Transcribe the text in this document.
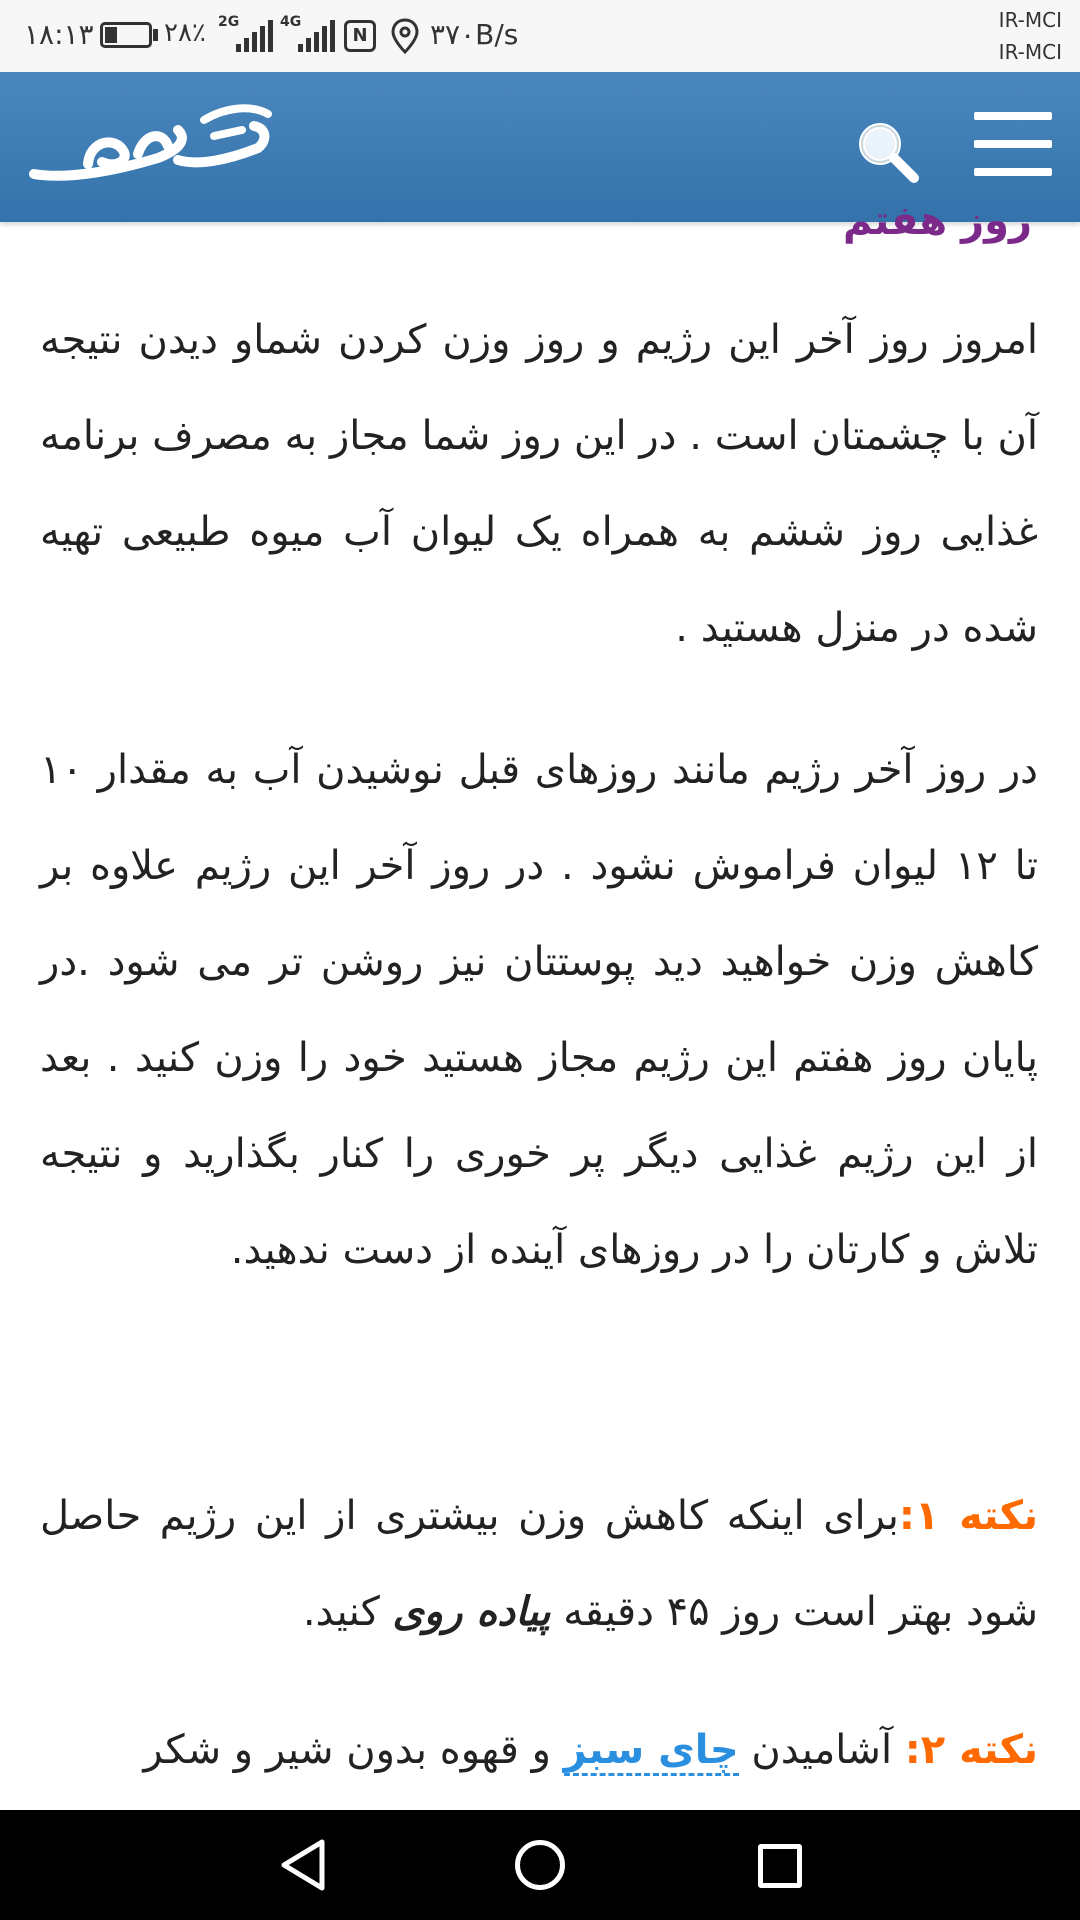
۱۸:۱۳	۲۸٪ 2G	4G
N	۳۷۰B/s	IR-MCI
IR-MCI
روز هفتم

امروز روز آخر این رژیم و روز وزن کردن شماو دیدن نتیجه آن با چشمتان است . در این روز شما مجاز به مصرف برنامه غذایی روز ششم به همراه یک لیوان آب میوه طبیعی تهیه شده در منزل هستید .

در روز آخر رژیم مانند روزهای قبل نوشیدن آب به مقدار ۱۰ تا ۱۲ لیوان فراموش نشود . در روز آخر این رژیم علاوه بر کاهش وزن خواهید دید پوستتان نیز روشن تر می شود .در پایان روز هفتم این رژیم مجاز هستید خود را وزن کنید . بعد از این رژیم غذایی دیگر پر خوری را کنار بگذارید و نتیجه تلاش و کارتان را در روزهای آینده از دست ندهید.

نکته ۱:برای اینکه کاهش وزن بیشتری از این رژیم حاصل شود بهتر است روز ۴۵ دقیقه پیاده روی کنید.

نکته ۲: آشامیدن چای سبز و قهوه بدون شیر و شکر
